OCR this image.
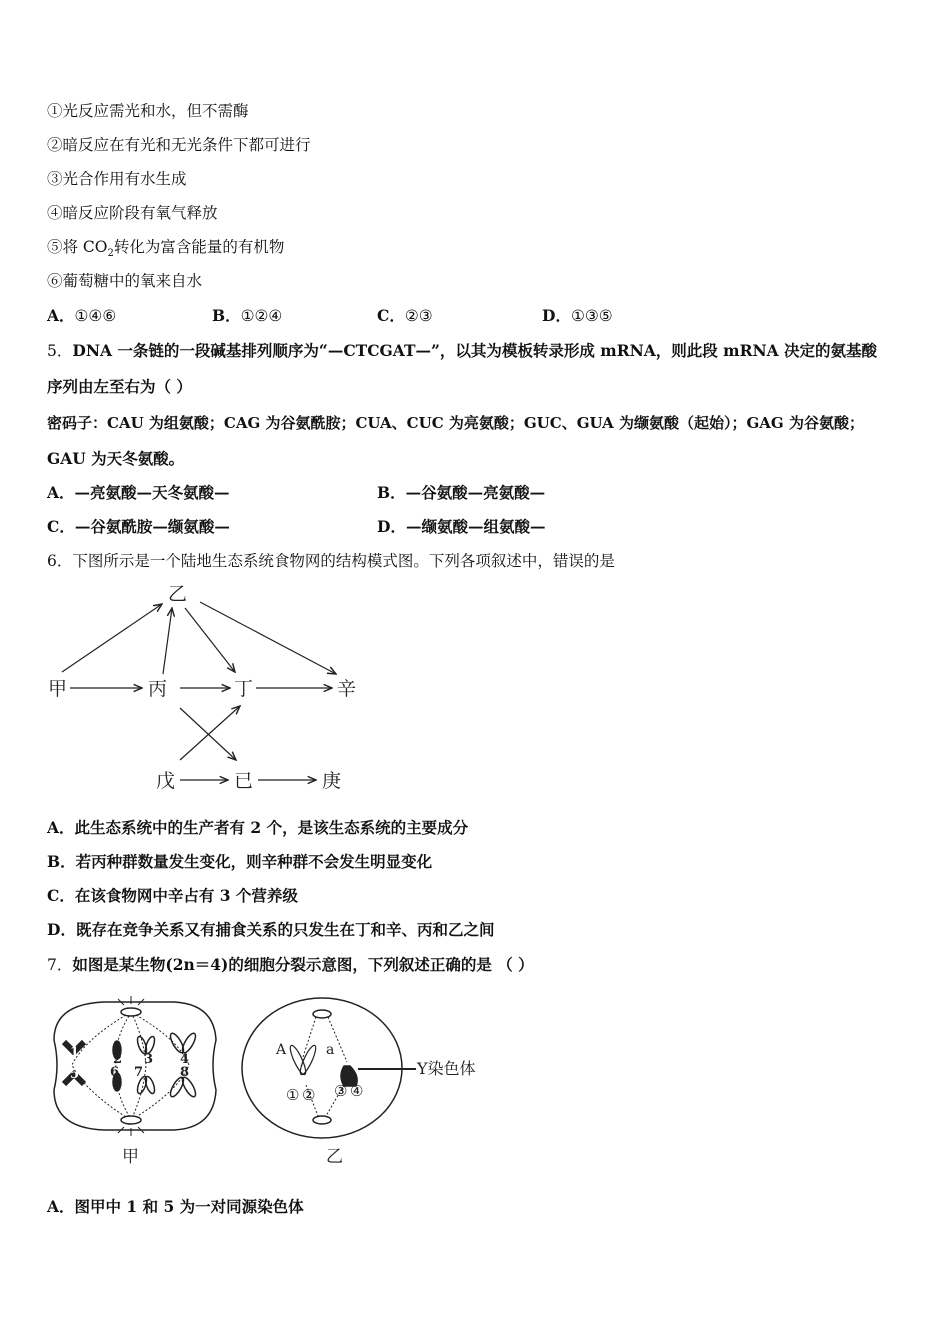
①光反应需光和水，但不需酶
②暗反应在有光和无光条件下都可进行
③光合作用有水生成
④暗反应阶段有氧气释放
⑤将 $CO_2$转化为富含能量的有机物
⑥葡萄糖中的氧来自水
A．①④⑥	B．①②④	C．②③	D．①③⑤
5．DNA 一条链的一段碱基排列顺序为“—CTCGAT—”，以其为模板转录形成 mRNA，则此段 mRNA 决定的氨基酸
序列由左至右为（ ）
密码子：CAU 为组氨酸；CAG 为谷氨酰胺；CUA、CUC 为亮氨酸；GUC、GUA 为缬氨酸（起始）；GAG 为谷氨酸；
GAU 为天冬氨酸。
A．—亮氨酸—天冬氨酸—	B．—谷氨酸—亮氨酸—
C．—谷氨酰胺—缬氨酸—	D．—缬氨酸—组氨酸—
6．下图所示是一个陆地生态系统食物网的结构模式图。下列各项叙述中，错误的是
乙
甲	丙	丁	辛
戊	已	庚
A．此生态系统中的生产者有 2 个，是该生态系统的主要成分
B．若丙种群数量发生变化，则辛种群不会发生明显变化
C．在该食物网中辛占有 3 个营养级
D．既存在竞争关系又有捕食关系的只发生在丁和辛、丙和乙之间
7．如图是某生物(2n＝4)的细胞分裂示意图，下列叙述正确的是 （ ）
1
5
2
6
3
7
4
8
甲
A	a
① ② ③ ④
Y染色体
乙
A．图甲中 1 和 5 为一对同源染色体
